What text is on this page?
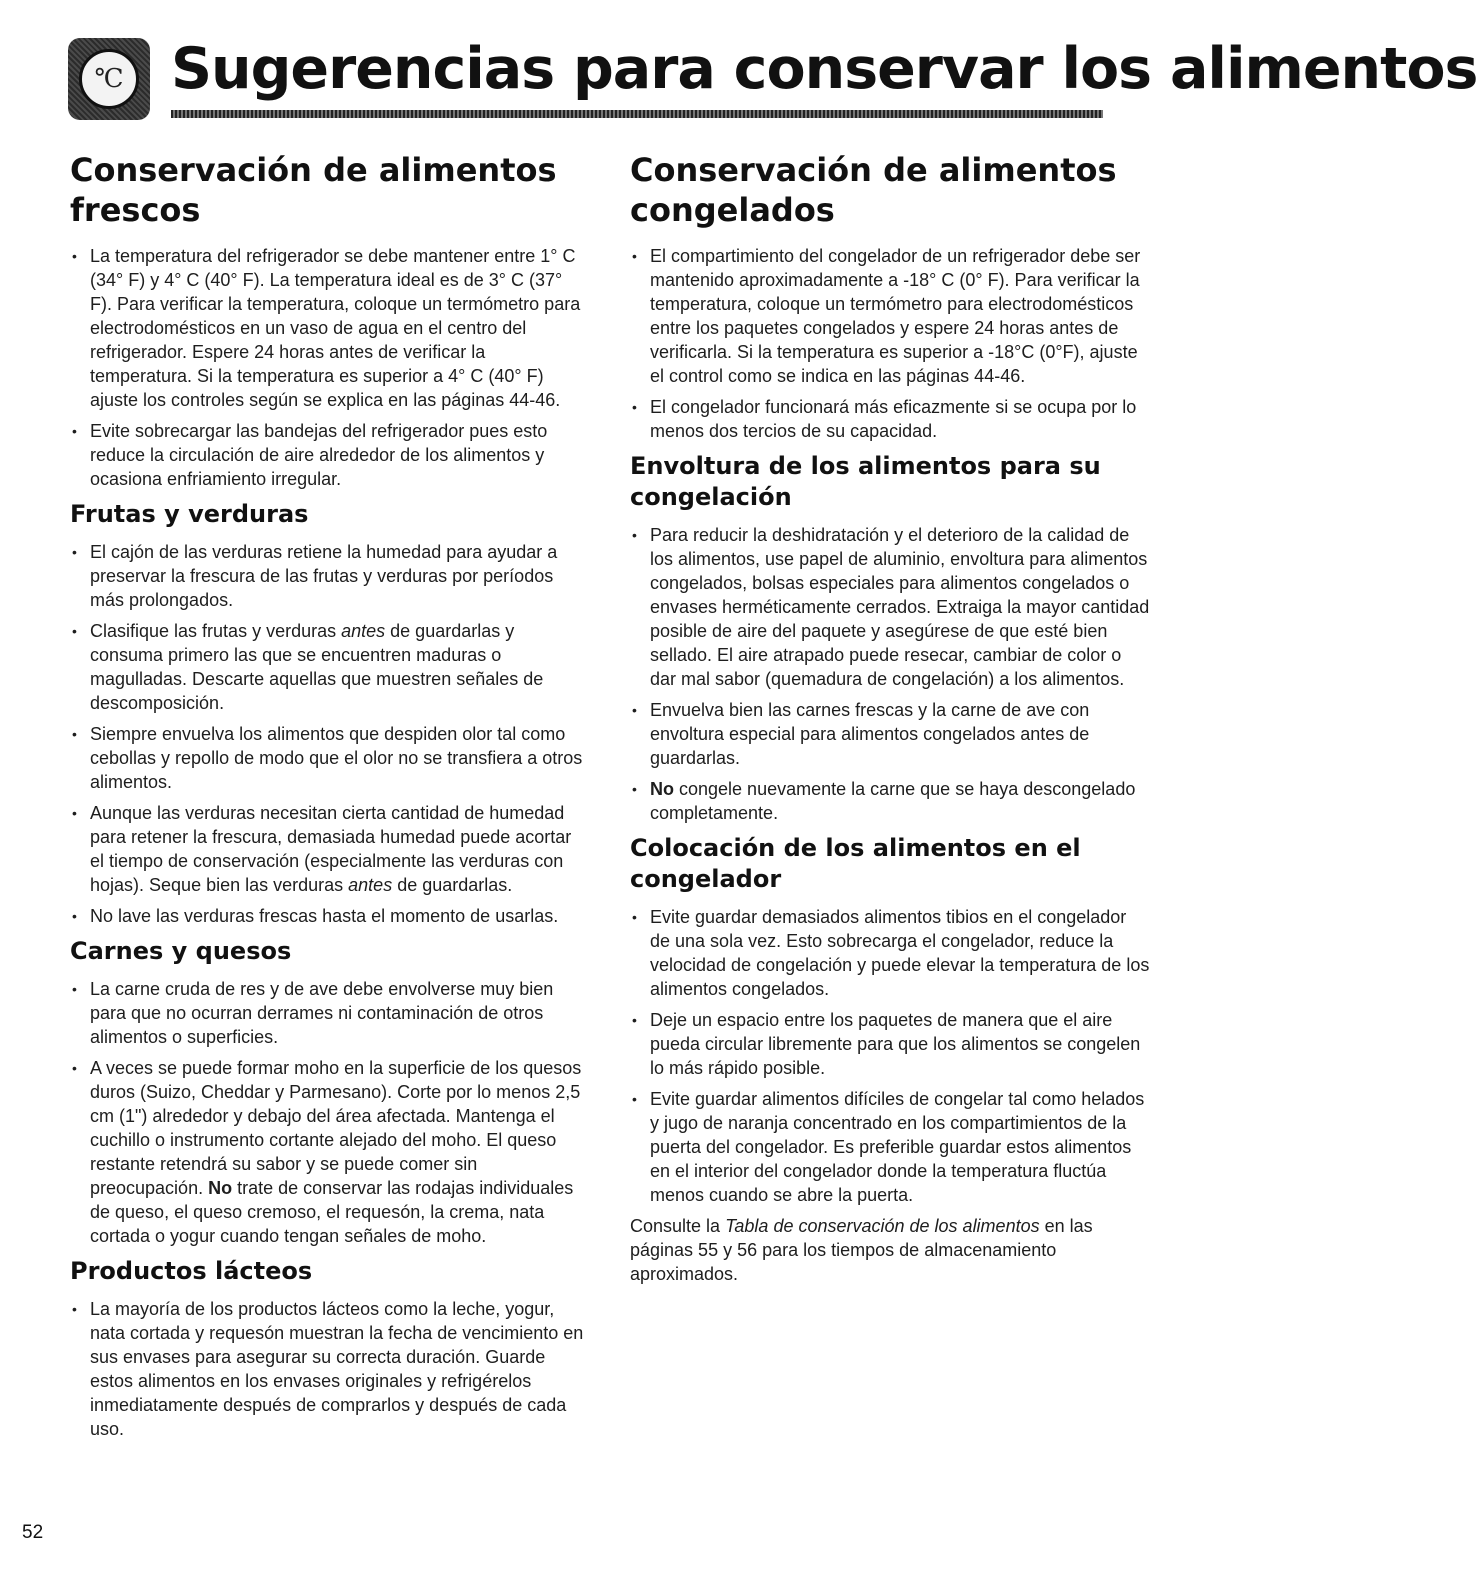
℃ Sugerencias para conservar los alimentos
Conservación de alimentos frescos
• La temperatura del refrigerador se debe mantener entre 1° C (34° F) y 4° C (40° F). La temperatura ideal es de 3° C (37° F). Para verificar la temperatura, coloque un termómetro para electrodomésticos en un vaso de agua en el centro del refrigerador. Espere 24 horas antes de verificar la temperatura. Si la temperatura es superior a 4° C (40° F) ajuste los controles según se explica en las páginas 44-46.
• Evite sobrecargar las bandejas del refrigerador pues esto reduce la circulación de aire alrededor de los alimentos y ocasiona enfriamiento irregular.
Frutas y verduras
• El cajón de las verduras retiene la humedad para ayudar a preservar la frescura de las frutas y verduras por períodos más prolongados.
• Clasifique las frutas y verduras antes de guardarlas y consuma primero las que se encuentren maduras o magulladas. Descarte aquellas que muestren señales de descomposición.
• Siempre envuelva los alimentos que despiden olor tal como cebollas y repollo de modo que el olor no se transfiera a otros alimentos.
• Aunque las verduras necesitan cierta cantidad de humedad para retener la frescura, demasiada humedad puede acortar el tiempo de conservación (especialmente las verduras con hojas). Seque bien las verduras antes de guardarlas.
• No lave las verduras frescas hasta el momento de usarlas.
Carnes y quesos
• La carne cruda de res y de ave debe envolverse muy bien para que no ocurran derrames ni contaminación de otros alimentos o superficies.
• A veces se puede formar moho en la superficie de los quesos duros (Suizo, Cheddar y Parmesano). Corte por lo menos 2,5 cm (1") alrededor y debajo del área afectada. Mantenga el cuchillo o instrumento cortante alejado del moho. El queso restante retendrá su sabor y se puede comer sin preocupación. No trate de conservar las rodajas individuales de queso, el queso cremoso, el requesón, la crema, nata cortada o yogur cuando tengan señales de moho.
Productos lácteos
• La mayoría de los productos lácteos como la leche, yogur, nata cortada y requesón muestran la fecha de vencimiento en sus envases para asegurar su correcta duración. Guarde estos alimentos en los envases originales y refrigérelos inmediatamente después de comprarlos y después de cada uso.
Conservación de alimentos congelados
• El compartimiento del congelador de un refrigerador debe ser mantenido aproximadamente a -18° C (0° F). Para verificar la temperatura, coloque un termómetro para electrodomésticos entre los paquetes congelados y espere 24 horas antes de verificarla. Si la temperatura es superior a -18°C (0°F), ajuste el control como se indica en las páginas 44-46.
• El congelador funcionará más eficazmente si se ocupa por lo menos dos tercios de su capacidad.
Envoltura de los alimentos para su congelación
• Para reducir la deshidratación y el deterioro de la calidad de los alimentos, use papel de aluminio, envoltura para alimentos congelados, bolsas especiales para alimentos congelados o envases herméticamente cerrados. Extraiga la mayor cantidad posible de aire del paquete y asegúrese de que esté bien sellado. El aire atrapado puede resecar, cambiar de color o dar mal sabor (quemadura de congelación) a los alimentos.
• Envuelva bien las carnes frescas y la carne de ave con envoltura especial para alimentos congelados antes de guardarlas.
• No congele nuevamente la carne que se haya descongelado completamente.
Colocación de los alimentos en el congelador
• Evite guardar demasiados alimentos tibios en el congelador de una sola vez. Esto sobrecarga el congelador, reduce la velocidad de congelación y puede elevar la temperatura de los alimentos congelados.
• Deje un espacio entre los paquetes de manera que el aire pueda circular libremente para que los alimentos se congelen lo más rápido posible.
• Evite guardar alimentos difíciles de congelar tal como helados y jugo de naranja concentrado en los compartimientos de la puerta del congelador. Es preferible guardar estos alimentos en el interior del congelador donde la temperatura fluctúa menos cuando se abre la puerta.

Consulte la Tabla de conservación de los alimentos en las páginas 55 y 56 para los tiempos de almacenamiento aproximados.

52
